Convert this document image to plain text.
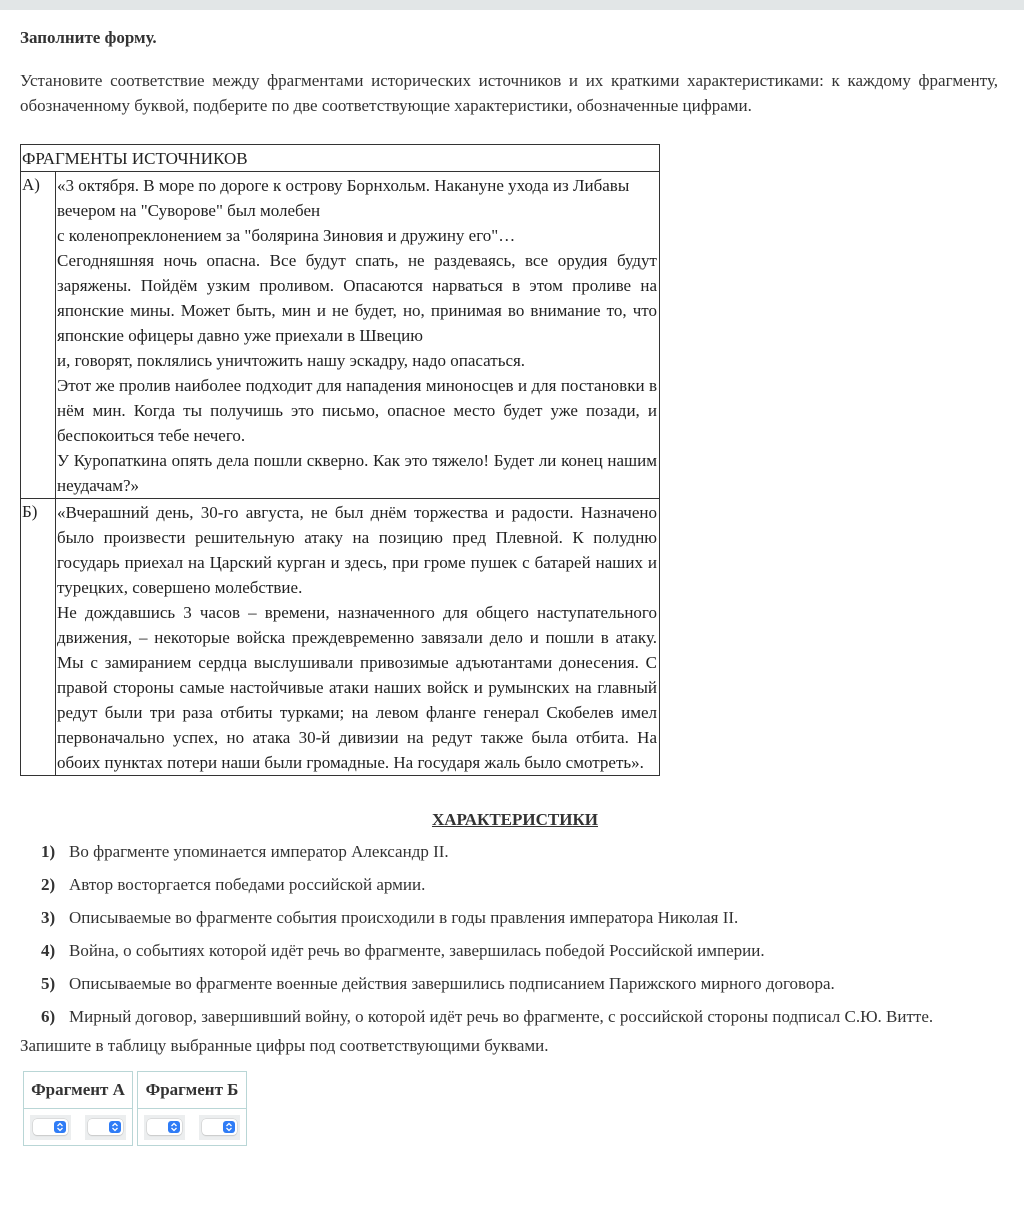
Заполните форму.

Установите соответствие между фрагментами исторических источников и их краткими характеристиками: к каждому фрагменту, обозначенному буквой, подберите по две соответствующие характеристики, обозначенные цифрами.

ФРАГМЕНТЫ ИСТОЧНИКОВ	
А)	«3 октября. В море по дороге к острову Борнхольм. Накануне ухода из Либавы вечером на "Суворове" был молебен
с коленопреклонением за "болярина Зиновия и дружину его"…
Сегодняшняя ночь опасна. Все будут спать, не раздеваясь, все орудия будут заряжены. Пойдём узким проливом. Опасаются нарваться в этом проливе на японские мины. Может быть, мин и не будет, но, принимая во внимание то, что японские офицеры давно уже приехали в Швецию
и, говорят, поклялись уничтожить нашу эскадру, надо опасаться.
Этот же пролив наиболее подходит для нападения миноносцев и для постановки в нём мин. Когда ты получишь это письмо, опасное место будет уже позади, и беспокоиться тебе нечего.
У Куропаткина опять дела пошли скверно. Как это тяжело! Будет ли конец нашим неудачам?»

Б)	«Вчерашний день, 30-го августа, не был днём торжества и радости. Назначено было произвести решительную атаку на позицию пред Плевной. К полудню государь приехал на Царский курган и здесь, при громе пушек с батарей наших и турецких, совершено молебствие.
Не дождавшись 3 часов – времени, назначенного для общего наступательного движения, – некоторые войска преждевременно завязали дело и пошли в атаку. Мы с замиранием сердца выслушивали привозимые адъютантами донесения. С правой стороны самые настойчивые атаки наших войск и румынских на главный редут были три раза отбиты турками; на левом фланге генерал Скобелев имел первоначально успех, но атака 30-й дивизии на редут также была отбита. На обоих пунктах потери наши были громадные. На государя жаль было смотреть».

ХАРАКТЕРИСТИКИ

1) Во фрагменте упоминается император Александр II.
2) Автор восторгается победами российской армии.
3) Описываемые во фрагменте события происходили в годы правления императора Николая II.
4) Война, о событиях которой идёт речь во фрагменте, завершилась победой Российской империи.
5) Описываемые во фрагменте военные действия завершились подписанием Парижского мирного договора.
6) Мирный договор, завершивший войну, о которой идёт речь во фрагменте, с российской стороны подписал С.Ю. Витте.

Запишите в таблицу выбранные цифры под соответствующими буквами.

Фрагмент А Фрагмент Б
